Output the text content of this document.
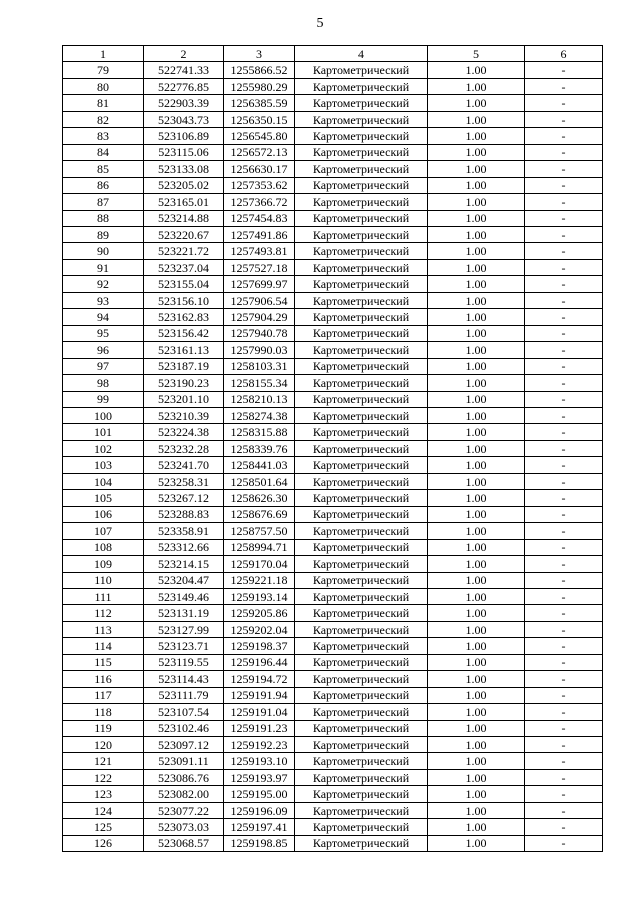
5
1	2	3	4	5	6
79	522741.33	1255866.52	Картометрический	1.00	-
80	522776.85	1255980.29	Картометрический	1.00	-
81	522903.39	1256385.59	Картометрический	1.00	-
82	523043.73	1256350.15	Картометрический	1.00	-
83	523106.89	1256545.80	Картометрический	1.00	-
84	523115.06	1256572.13	Картометрический	1.00	-
85	523133.08	1256630.17	Картометрический	1.00	-
86	523205.02	1257353.62	Картометрический	1.00	-
87	523165.01	1257366.72	Картометрический	1.00	-
88	523214.88	1257454.83	Картометрический	1.00	-
89	523220.67	1257491.86	Картометрический	1.00	-
90	523221.72	1257493.81	Картометрический	1.00	-
91	523237.04	1257527.18	Картометрический	1.00	-
92	523155.04	1257699.97	Картометрический	1.00	-
93	523156.10	1257906.54	Картометрический	1.00	-
94	523162.83	1257904.29	Картометрический	1.00	-
95	523156.42	1257940.78	Картометрический	1.00	-
96	523161.13	1257990.03	Картометрический	1.00	-
97	523187.19	1258103.31	Картометрический	1.00	-
98	523190.23	1258155.34	Картометрический	1.00	-
99	523201.10	1258210.13	Картометрический	1.00	-
100	523210.39	1258274.38	Картометрический	1.00	-
101	523224.38	1258315.88	Картометрический	1.00	-
102	523232.28	1258339.76	Картометрический	1.00	-
103	523241.70	1258441.03	Картометрический	1.00	-
104	523258.31	1258501.64	Картометрический	1.00	-
105	523267.12	1258626.30	Картометрический	1.00	-
106	523288.83	1258676.69	Картометрический	1.00	-
107	523358.91	1258757.50	Картометрический	1.00	-
108	523312.66	1258994.71	Картометрический	1.00	-
109	523214.15	1259170.04	Картометрический	1.00	-
110	523204.47	1259221.18	Картометрический	1.00	-
111	523149.46	1259193.14	Картометрический	1.00	-
112	523131.19	1259205.86	Картометрический	1.00	-
113	523127.99	1259202.04	Картометрический	1.00	-
114	523123.71	1259198.37	Картометрический	1.00	-
115	523119.55	1259196.44	Картометрический	1.00	-
116	523114.43	1259194.72	Картометрический	1.00	-
117	523111.79	1259191.94	Картометрический	1.00	-
118	523107.54	1259191.04	Картометрический	1.00	-
119	523102.46	1259191.23	Картометрический	1.00	-
120	523097.12	1259192.23	Картометрический	1.00	-
121	523091.11	1259193.10	Картометрический	1.00	-
122	523086.76	1259193.97	Картометрический	1.00	-
123	523082.00	1259195.00	Картометрический	1.00	-
124	523077.22	1259196.09	Картометрический	1.00	-
125	523073.03	1259197.41	Картометрический	1.00	-
126	523068.57	1259198.85	Картометрический	1.00	-
